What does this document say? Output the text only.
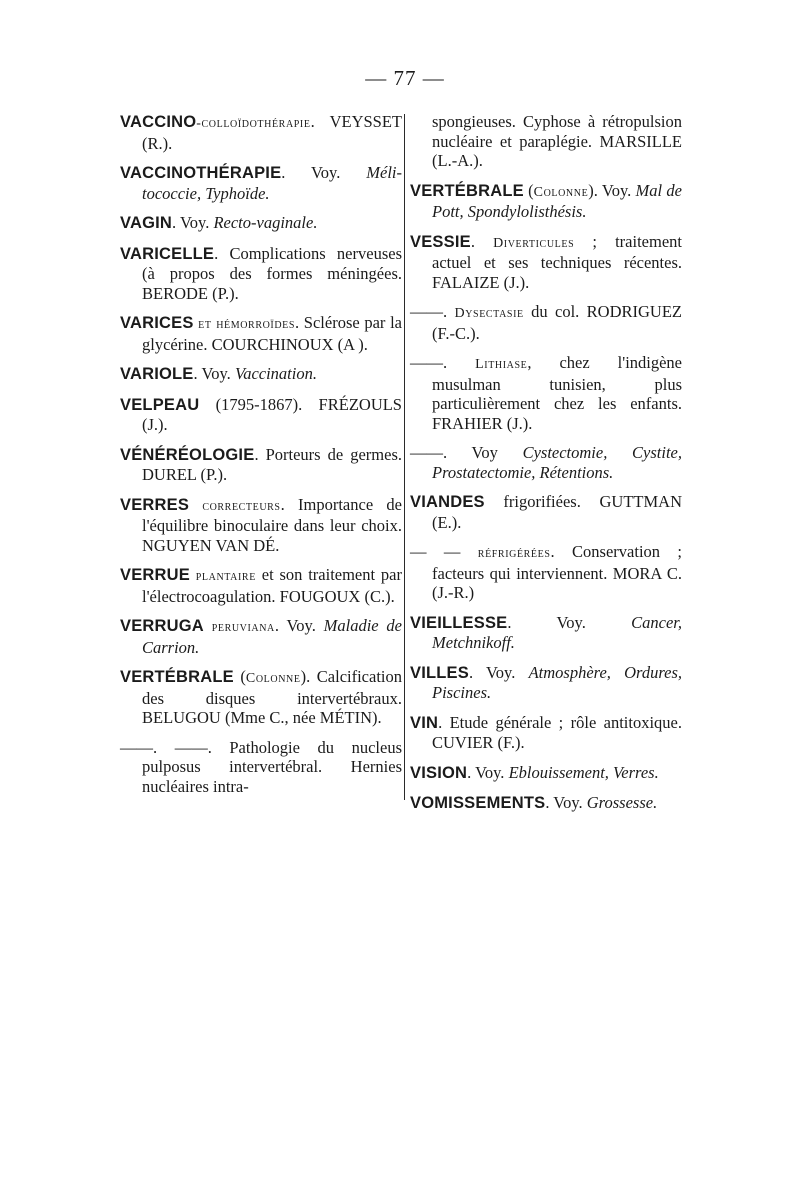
— 77 —

VACCINO-colloïdothérapie. VEYSSET (R.).

VACCINOTHÉRAPIE. Voy. Méli-tococcie, Typhoïde.

VAGIN. Voy. Recto-vaginale.

VARICELLE. Complications nerveuses (à propos des formes méningées. BERODE (P.).

VARICES et hémorroïdes. Sclérose par la glycérine. COURCHINOUX (A ).

VARIOLE. Voy. Vaccination.

VELPEAU (1795-1867). FRÉZOULS (J.).

VÉNÉRÉOLOGIE. Porteurs de germes. DUREL (P.).

VERRES correcteurs. Importance de l'équilibre binoculaire dans leur choix. NGUYEN VAN DÉ.

VERRUE plantaire et son traitement par l'électrocoagulation. FOUGOUX (C.).

VERRUGA peruviana. Voy. Maladie de Carrion.

VERTÉBRALE (Colonne). Calcification des disques intervertébraux. BELUGOU (Mme C., née MÉTIN).

——. ——. Pathologie du nucleus pulposus intervertébral. Hernies nucléaires intra-

spongieuses. Cyphose à rétropulsion nucléaire et paraplégie. MARSILLE (L.-A.).

VERTÉBRALE (Colonne). Voy. Mal de Pott, Spondylolisthésis.

VESSIE. Diverticules ; traitement actuel et ses techniques récentes. FALAIZE (J.).

——. Dysectasie du col. RODRIGUEZ (F.-C.).

——. Lithiase, chez l'indigène musulman tunisien, plus particulièrement chez les enfants. FRAHIER (J.).

——. Voy Cystectomie, Cystite, Prostatectomie, Rétentions.

VIANDES frigorifiées. GUTTMAN (E.).

— — réfrigérées. Conservation ; facteurs qui interviennent. MORA C. (J.-R.)

VIEILLESSE. Voy. Cancer, Metchnikoff.

VILLES. Voy. Atmosphère, Ordures, Piscines.

VIN. Etude générale ; rôle antitoxique. CUVIER (F.).

VISION. Voy. Eblouissement, Verres.

VOMISSEMENTS. Voy. Grossesse.
